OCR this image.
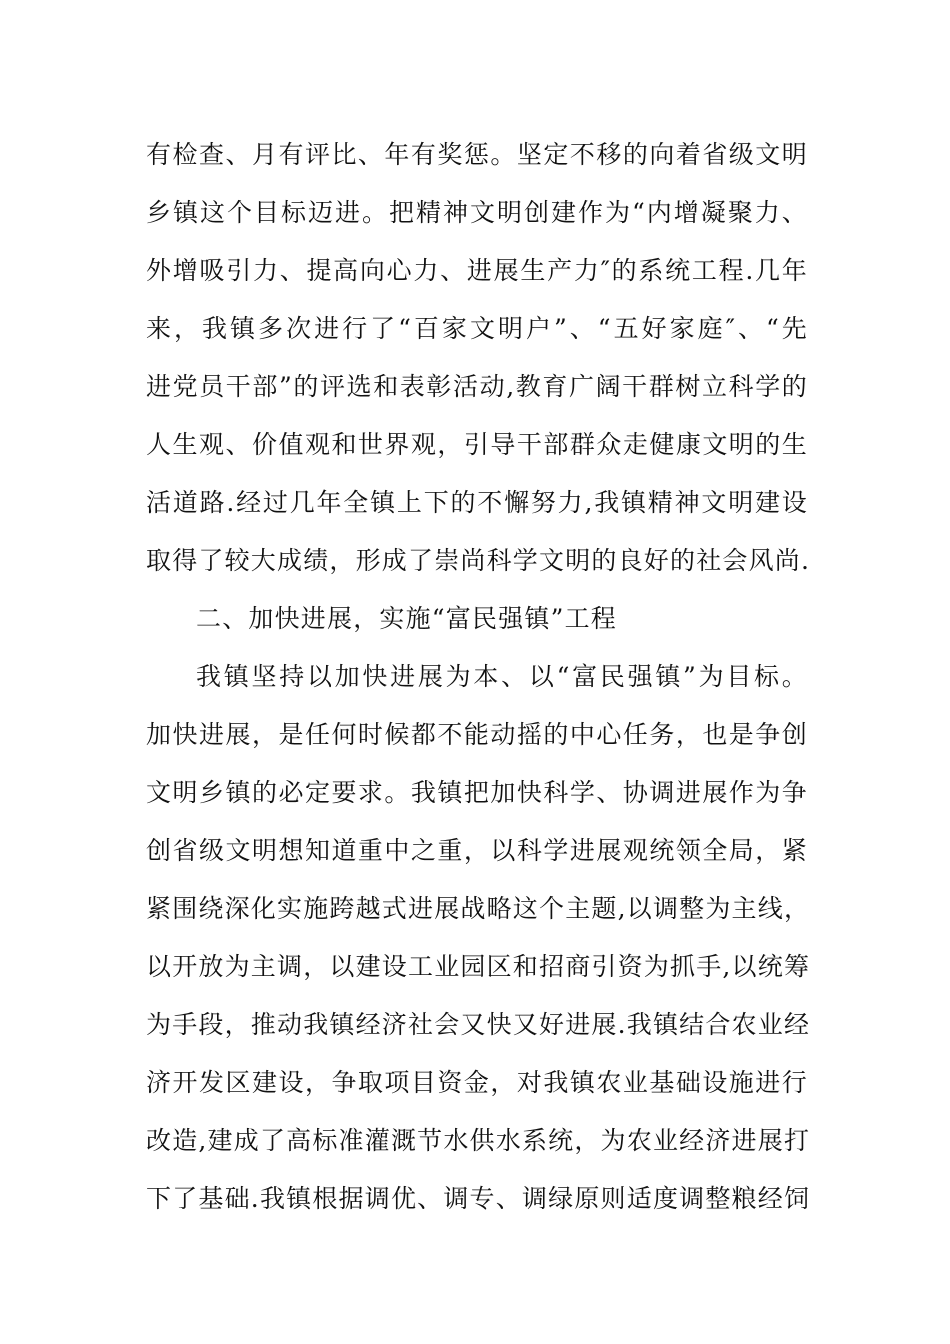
有检查、月有评比、年有奖惩。坚定不移的向着省级文明
乡镇这个目标迈进。把精神文明创建作为“内增凝聚力、
外增吸引力、提高向心力、进展生产力″的系统工程.几年
来，我镇多次进行了“百家文明户”、“五好家庭″、“先
进党员干部”的评选和表彰活动,教育广阔干群树立科学的
人生观、价值观和世界观，引导干部群众走健康文明的生
活道路.经过几年全镇上下的不懈努力,我镇精神文明建设
取得了较大成绩，形成了崇尚科学文明的良好的社会风尚.
二、加快进展，实施“富民强镇”工程
我镇坚持以加快进展为本、以“富民强镇”为目标。
加快进展，是任何时候都不能动摇的中心任务，也是争创
文明乡镇的必定要求。我镇把加快科学、协调进展作为争
创省级文明想知道重中之重，以科学进展观统领全局，紧
紧围绕深化实施跨越式进展战略这个主题,以调整为主线，
以开放为主调，以建设工业园区和招商引资为抓手,以统筹
为手段，推动我镇经济社会又快又好进展.我镇结合农业经
济开发区建设，争取项目资金，对我镇农业基础设施进行
改造,建成了高标准灌溉节水供水系统，为农业经济进展打
下了基础.我镇根据调优、调专、调绿原则适度调整粮经饲
